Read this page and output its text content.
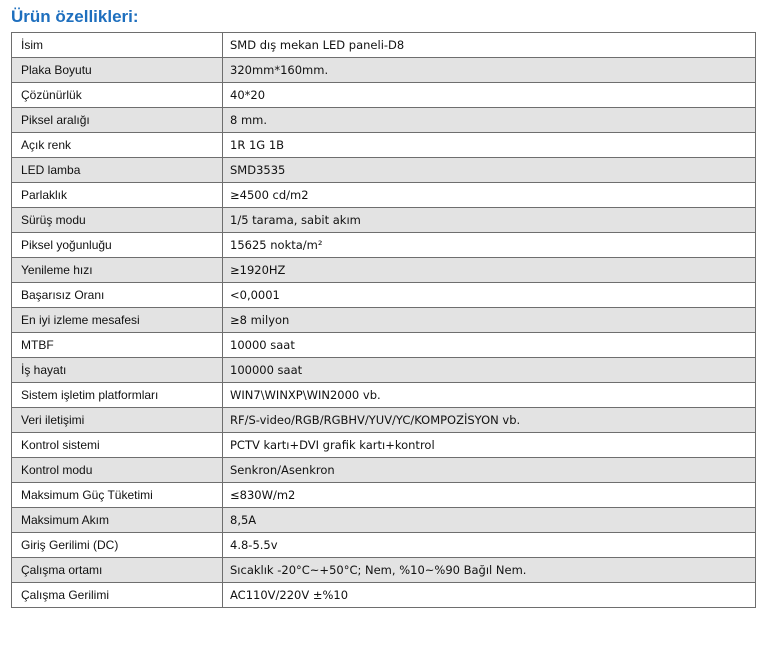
Ürün özellikleri:
İsim	SMD dış mekan LED paneli-D8
Plaka Boyutu	320mm*160mm.
Çözünürlük	40*20
Piksel aralığı	8 mm.
Açık renk	1R 1G 1B
LED lamba	SMD3535
Parlaklık	≥4500 cd/m2
Sürüş modu	1/5 tarama, sabit akım
Piksel yoğunluğu	15625 nokta/m²
Yenileme hızı	≥1920HZ
Başarısız Oranı	<0,0001
En iyi izleme mesafesi	≥8 milyon
MTBF	10000 saat
İş hayatı	100000 saat
Sistem işletim platformları	WIN7\WINXP\WIN2000 vb.
Veri iletişimi	RF/S-video/RGB/RGBHV/YUV/YC/KOMPOZİSYON vb.
Kontrol sistemi	PCTV kartı+DVI grafik kartı+kontrol
Kontrol modu	Senkron/Asenkron
Maksimum Güç Tüketimi	≤830W/m2
Maksimum Akım	8,5A
Giriş Gerilimi (DC)	4.8-5.5v
Çalışma ortamı	Sıcaklık -20°C~+50°C; Nem, %10~%90 Bağıl Nem.
Çalışma Gerilimi	AC110V/220V ±%10
